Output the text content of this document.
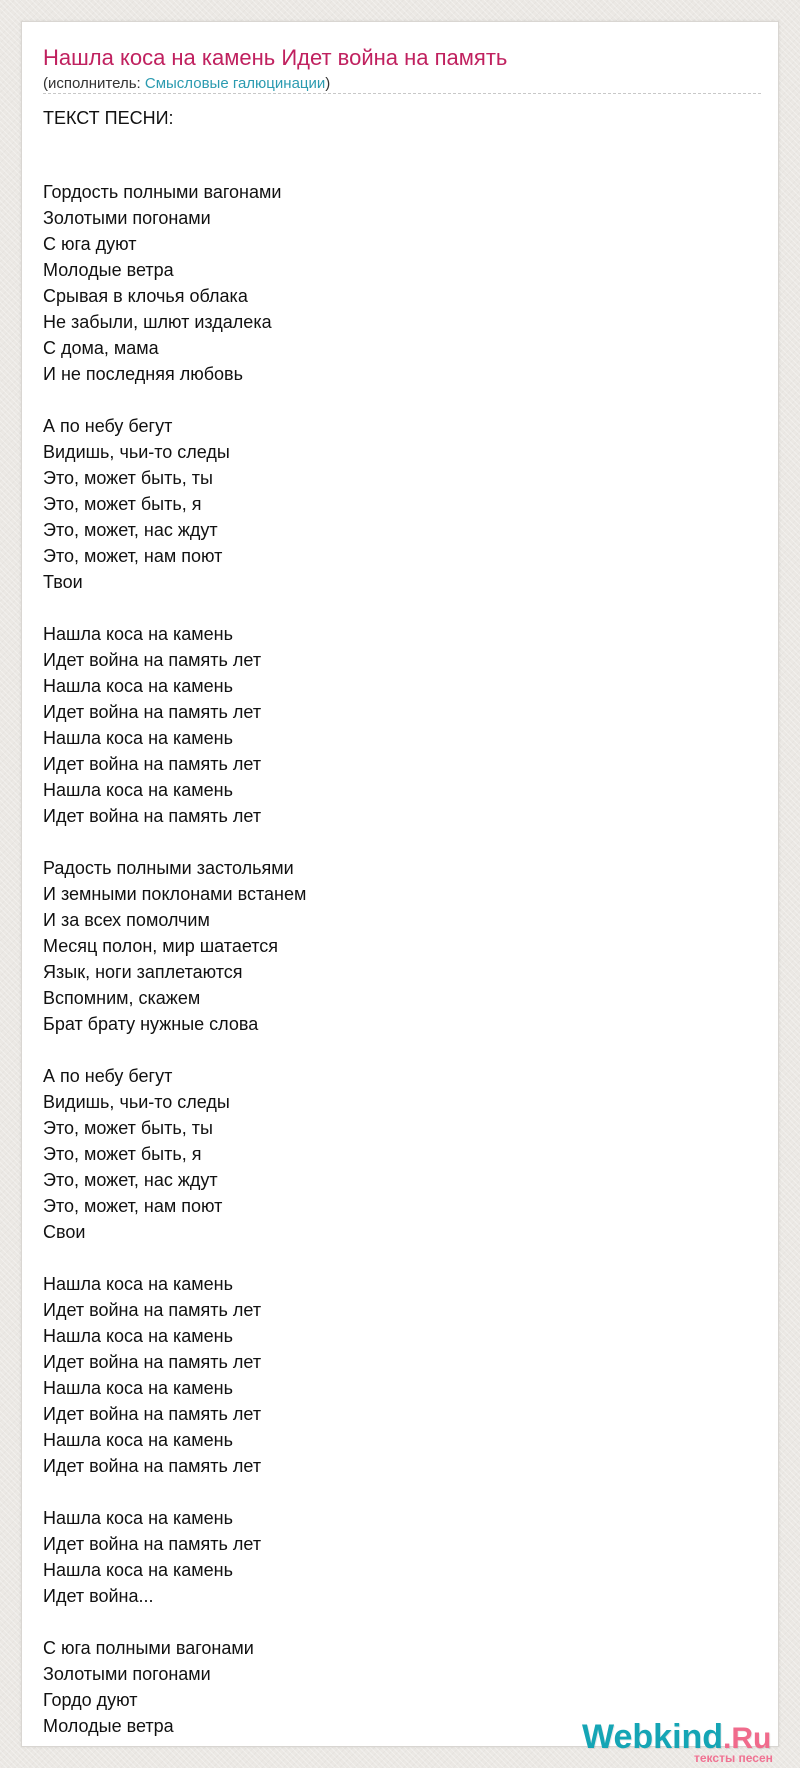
Нашла коса на камень Идет война на память
(исполнитель: Смысловые галюцинации)
ТЕКСТ ПЕСНИ:
Гордость полными вагонами
Золотыми погонами
С юга дуют
Молодые ветра
Срывая в клочья облака
Не забыли, шлют издалека
С дома, мама
И не последняя любовь
А по небу бегут
Видишь, чьи-то следы
Это, может быть, ты
Это, может быть, я
Это, может, нас ждут
Это, может, нам поют
Твои
Нашла коса на камень
Идет война на память лет
Нашла коса на камень
Идет война на память лет
Нашла коса на камень
Идет война на память лет
Нашла коса на камень
Идет война на память лет
Радость полными застольями
И земными поклонами встанем
И за всех помолчим
Месяц полон, мир шатается
Язык, ноги заплетаются
Вспомним, скажем
Брат брату нужные слова
А по небу бегут
Видишь, чьи-то следы
Это, может быть, ты
Это, может быть, я
Это, может, нас ждут
Это, может, нам поют
Свои
Нашла коса на камень
Идет война на память лет
Нашла коса на камень
Идет война на память лет
Нашла коса на камень
Идет война на память лет
Нашла коса на камень
Идет война на память лет
Нашла коса на камень
Идет война на память лет
Нашла коса на камень
Идет война...
С юга полными вагонами
Золотыми погонами
Гордо дуют
Молодые ветра	Webkind.Ru
тексты песен
